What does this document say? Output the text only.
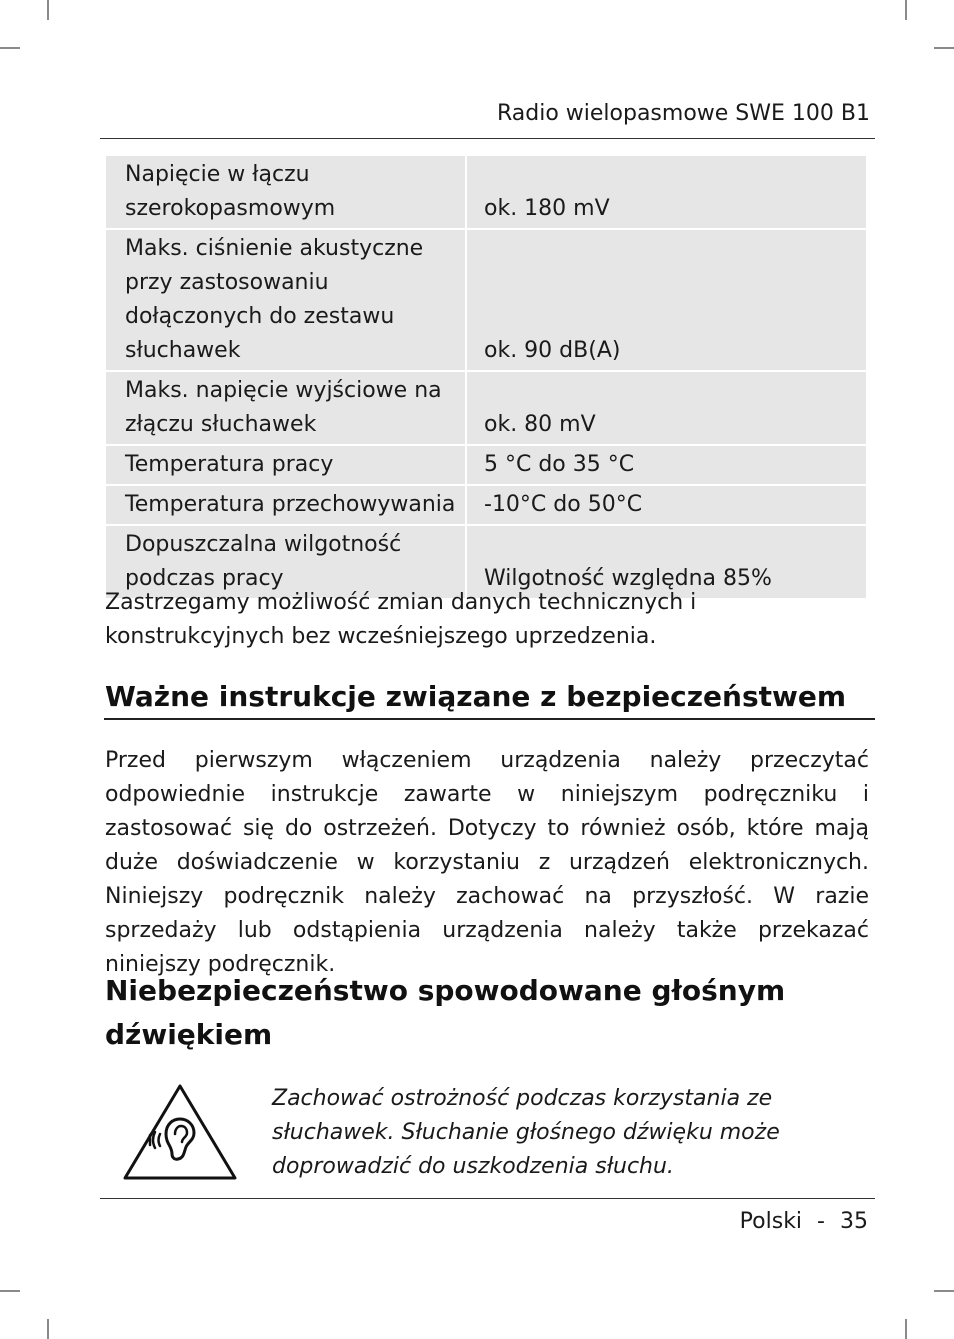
Radio wielopasmowe SWE 100 B1
Napięcie w łączu szerokopasmowym	ok. 180 mV
Maks. ciśnienie akustyczne przy zastosowaniu dołączonych do zestawu słuchawek	ok. 90 dB(A)
Maks. napięcie wyjściowe na złączu słuchawek	ok. 80 mV
Temperatura pracy	5 °C do 35 °C
Temperatura przechowywania	-10°C do 50°C
Dopuszczalna wilgotność podczas pracy	Wilgotność względna 85%

Zastrzegamy możliwość zmian danych technicznych i konstrukcyjnych bez wcześniejszego uprzedzenia.

Ważne instrukcje związane z bezpieczeństwem

Przed pierwszym włączeniem urządzenia należy przeczytać odpowiednie instrukcje zawarte w niniejszym podręczniku i zastosować się do ostrzeżeń. Dotyczy to również osób, które mają duże doświadczenie w korzystaniu z urządzeń elektronicznych. Niniejszy podręcznik należy zachować na przyszłość. W razie sprzedaży lub odstąpienia urządzenia należy także przekazać niniejszy podręcznik.

Niebezpieczeństwo spowodowane głośnym dźwiękiem

Zachować ostrożność podczas korzystania ze słuchawek. Słuchanie głośnego dźwięku może doprowadzić do uszkodzenia słuchu.

Polski - 35
